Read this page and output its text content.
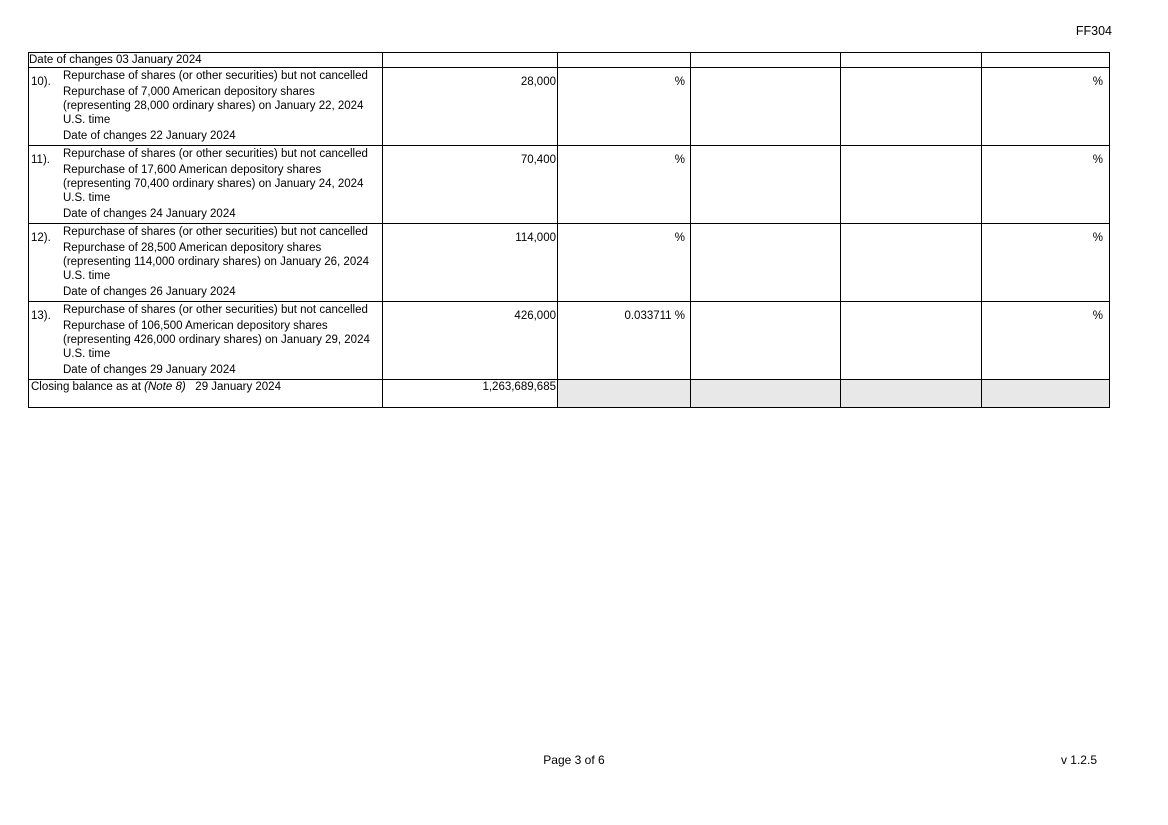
FF304
Date of changes 03 January 2024					

10). Repurchase of shares (or other securities) but not cancelled
Repurchase of 7,000 American depository shares (representing 28,000 ordinary shares) on January 22, 2024 U.S. time
Date of changes 22 January 2024	28,000	%			%

11). Repurchase of shares (or other securities) but not cancelled
Repurchase of 17,600 American depository shares (representing 70,400 ordinary shares) on January 24, 2024 U.S. time
Date of changes 24 January 2024	70,400	%			%

12). Repurchase of shares (or other securities) but not cancelled
Repurchase of 28,500 American depository shares (representing 114,000 ordinary shares) on January 26, 2024 U.S. time
Date of changes 26 January 2024	114,000	%			%

13). Repurchase of shares (or other securities) but not cancelled
Repurchase of 106,500 American depository shares (representing 426,000 ordinary shares) on January 29, 2024 U.S. time
Date of changes 29 January 2024	426,000	0.033711 %			%
Closing balance as at (Note 8) 29 January 2024	1,263,689,685				
Page 3 of 6	v 1.2.5
